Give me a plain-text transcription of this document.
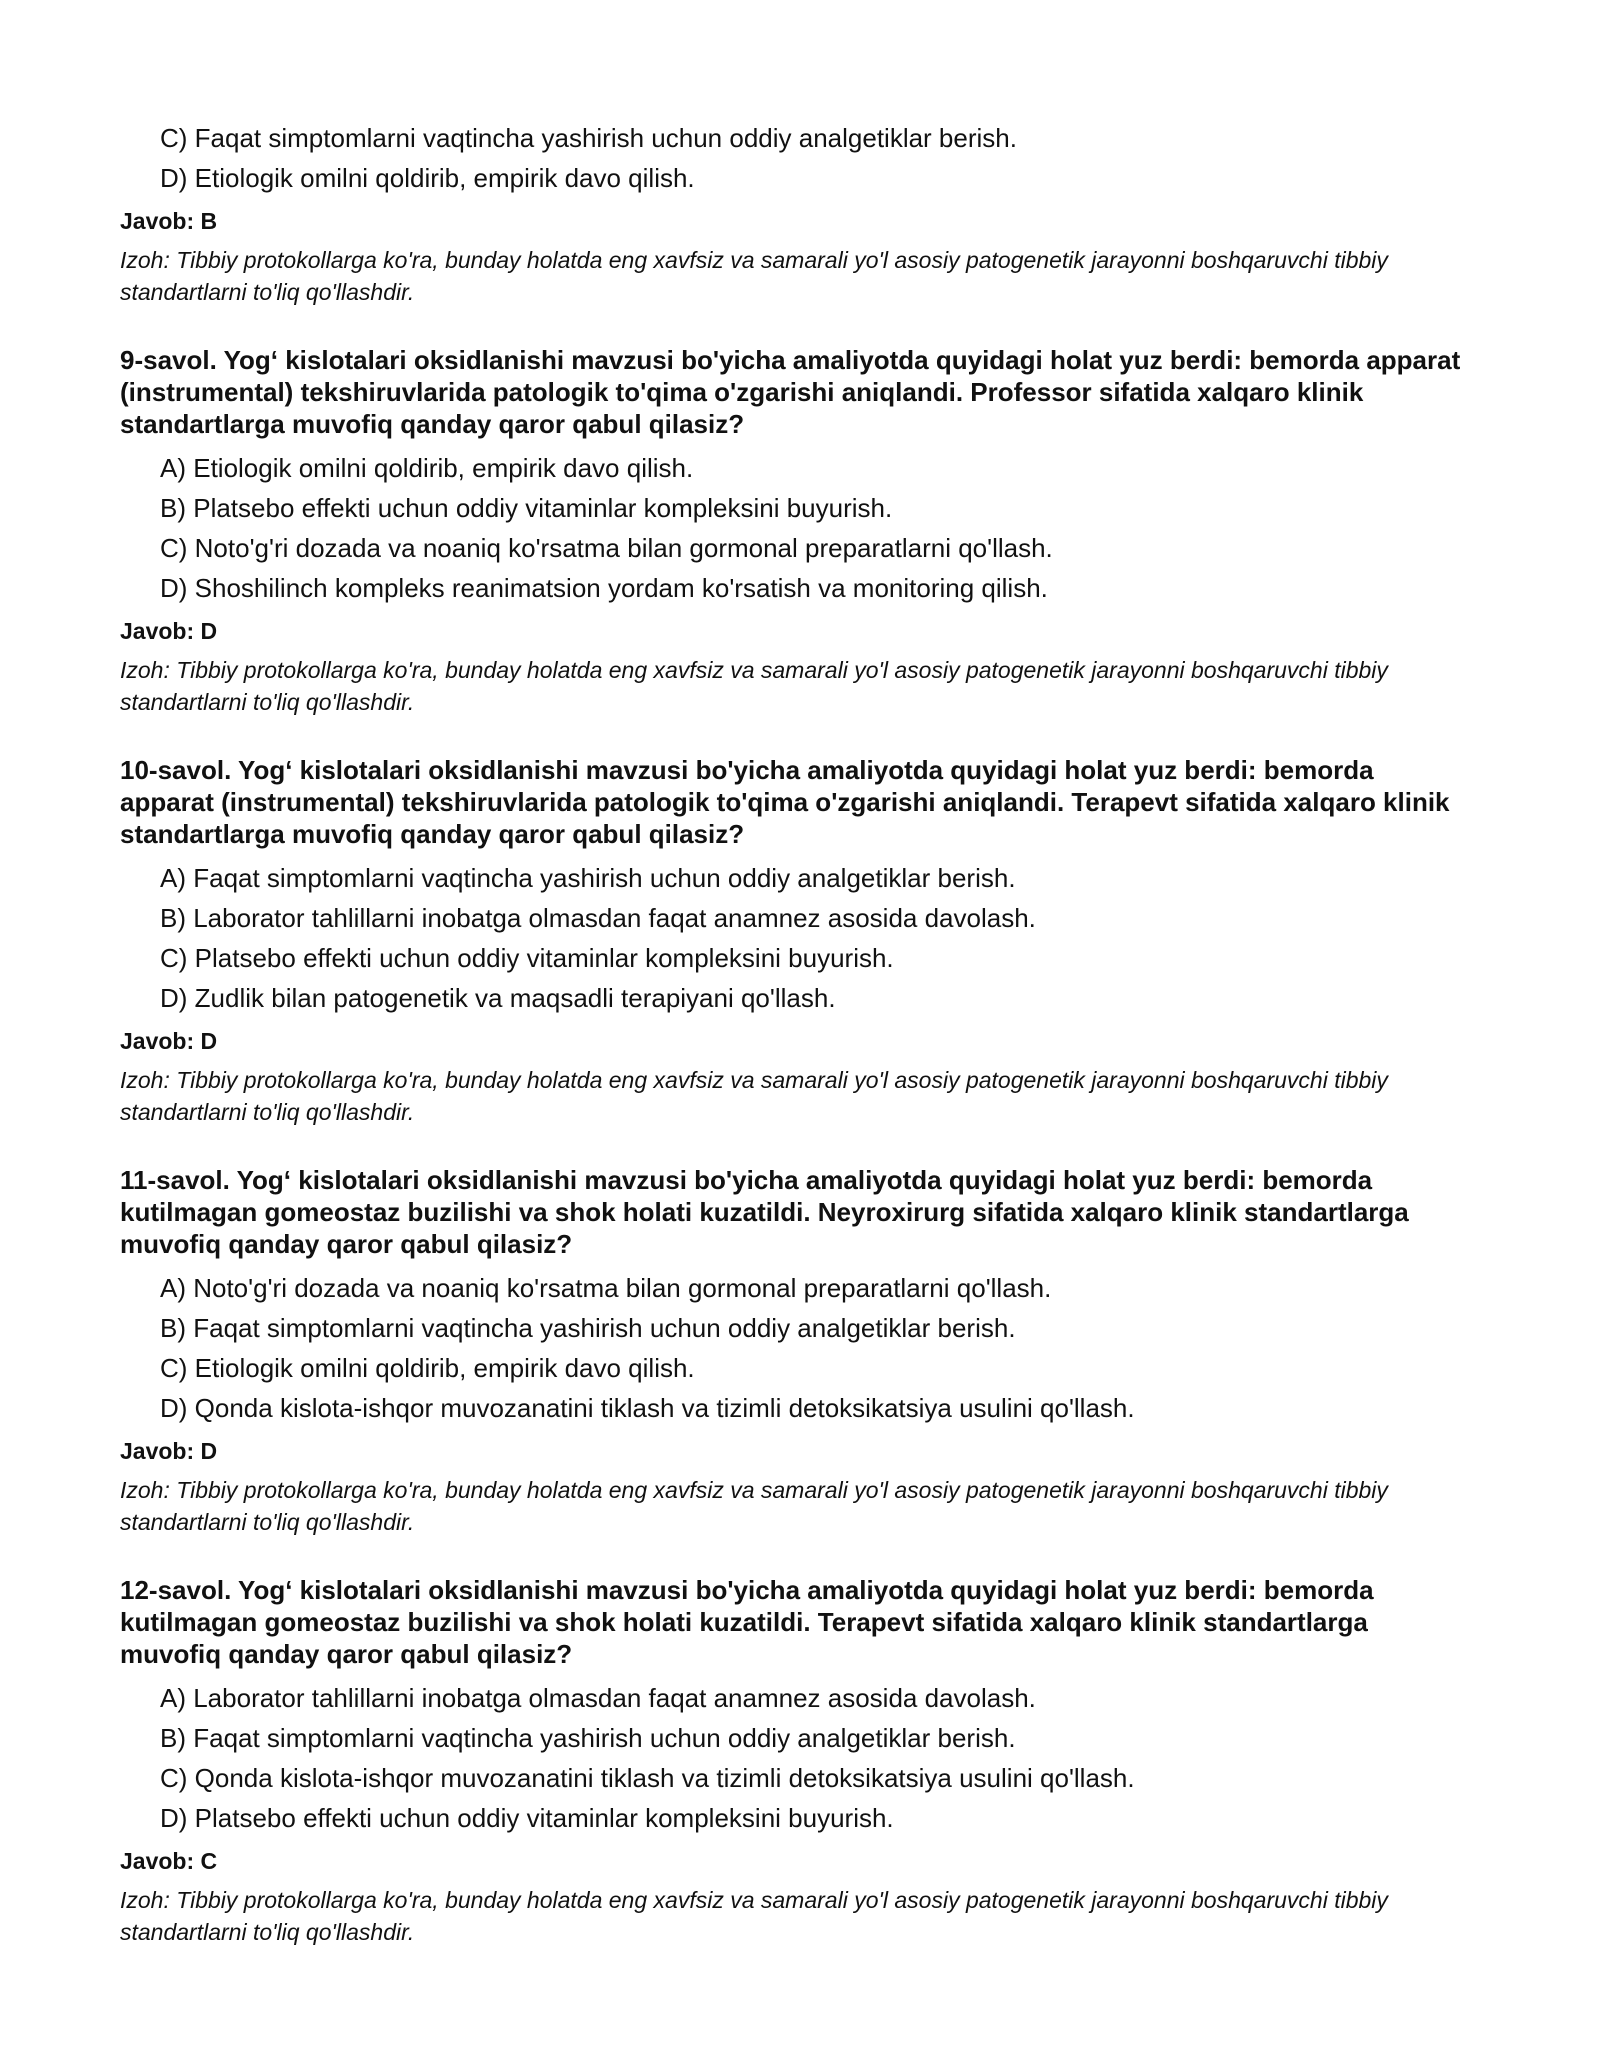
C) Faqat simptomlarni vaqtincha yashirish uchun oddiy analgetiklar berish.
D) Etiologik omilni qoldirib, empirik davo qilish.
Javob: B
Izoh: Tibbiy protokollarga ko'ra, bunday holatda eng xavfsiz va samarali yo'l asosiy patogenetik jarayonni boshqaruvchi tibbiy standartlarni to'liq qo'llashdir.
9-savol. Yog‘ kislotalari oksidlanishi mavzusi bo'yicha amaliyotda quyidagi holat yuz berdi: bemorda apparat (instrumental) tekshiruvlarida patologik to'qima o'zgarishi aniqlandi. Professor sifatida xalqaro klinik standartlarga muvofiq qanday qaror qabul qilasiz?
A) Etiologik omilni qoldirib, empirik davo qilish.
B) Platsebo effekti uchun oddiy vitaminlar kompleksini buyurish.
C) Noto'g'ri dozada va noaniq ko'rsatma bilan gormonal preparatlarni qo'llash.
D) Shoshilinch kompleks reanimatsion yordam ko'rsatish va monitoring qilish.
Javob: D
Izoh: Tibbiy protokollarga ko'ra, bunday holatda eng xavfsiz va samarali yo'l asosiy patogenetik jarayonni boshqaruvchi tibbiy standartlarni to'liq qo'llashdir.
10-savol. Yog‘ kislotalari oksidlanishi mavzusi bo'yicha amaliyotda quyidagi holat yuz berdi: bemorda apparat (instrumental) tekshiruvlarida patologik to'qima o'zgarishi aniqlandi. Terapevt sifatida xalqaro klinik standartlarga muvofiq qanday qaror qabul qilasiz?
A) Faqat simptomlarni vaqtincha yashirish uchun oddiy analgetiklar berish.
B) Laborator tahlillarni inobatga olmasdan faqat anamnez asosida davolash.
C) Platsebo effekti uchun oddiy vitaminlar kompleksini buyurish.
D) Zudlik bilan patogenetik va maqsadli terapiyani qo'llash.
Javob: D
Izoh: Tibbiy protokollarga ko'ra, bunday holatda eng xavfsiz va samarali yo'l asosiy patogenetik jarayonni boshqaruvchi tibbiy standartlarni to'liq qo'llashdir.
11-savol. Yog‘ kislotalari oksidlanishi mavzusi bo'yicha amaliyotda quyidagi holat yuz berdi: bemorda kutilmagan gomeostaz buzilishi va shok holati kuzatildi. Neyroxirurg sifatida xalqaro klinik standartlarga muvofiq qanday qaror qabul qilasiz?
A) Noto'g'ri dozada va noaniq ko'rsatma bilan gormonal preparatlarni qo'llash.
B) Faqat simptomlarni vaqtincha yashirish uchun oddiy analgetiklar berish.
C) Etiologik omilni qoldirib, empirik davo qilish.
D) Qonda kislota-ishqor muvozanatini tiklash va tizimli detoksikatsiya usulini qo'llash.
Javob: D
Izoh: Tibbiy protokollarga ko'ra, bunday holatda eng xavfsiz va samarali yo'l asosiy patogenetik jarayonni boshqaruvchi tibbiy standartlarni to'liq qo'llashdir.
12-savol. Yog‘ kislotalari oksidlanishi mavzusi bo'yicha amaliyotda quyidagi holat yuz berdi: bemorda kutilmagan gomeostaz buzilishi va shok holati kuzatildi. Terapevt sifatida xalqaro klinik standartlarga muvofiq qanday qaror qabul qilasiz?
A) Laborator tahlillarni inobatga olmasdan faqat anamnez asosida davolash.
B) Faqat simptomlarni vaqtincha yashirish uchun oddiy analgetiklar berish.
C) Qonda kislota-ishqor muvozanatini tiklash va tizimli detoksikatsiya usulini qo'llash.
D) Platsebo effekti uchun oddiy vitaminlar kompleksini buyurish.
Javob: C
Izoh: Tibbiy protokollarga ko'ra, bunday holatda eng xavfsiz va samarali yo'l asosiy patogenetik jarayonni boshqaruvchi tibbiy standartlarni to'liq qo'llashdir.
